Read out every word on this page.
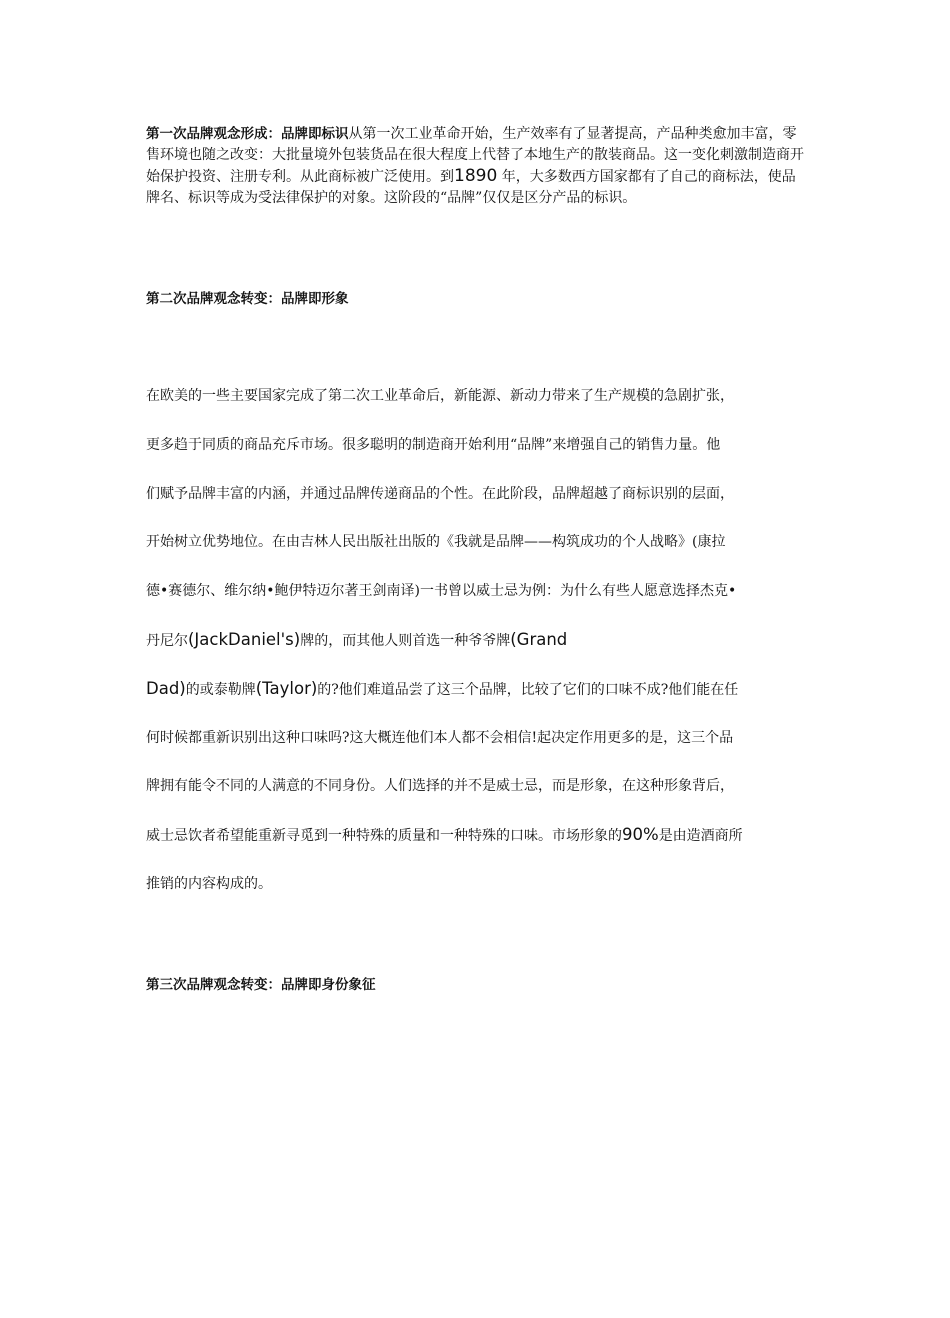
第一次品牌观念形成：品牌即标识从第一次工业革命开始，生产效率有了显著提高，产品种类愈加丰富，零售环境也随之改变：大批量境外包装货品在很大程度上代替了本地生产的散装商品。这一变化刺激制造商开始保护投资、注册专利。从此商标被广泛使用。到1890 年，大多数西方国家都有了自己的商标法，使品牌名、标识等成为受法律保护的对象。这阶段的“品牌”仅仅是区分产品的标识。

第二次品牌观念转变：品牌即形象
在欧美的一些主要国家完成了第二次工业革命后，新能源、新动力带来了生产规模的急剧扩张，
更多趋于同质的商品充斥市场。很多聪明的制造商开始利用“品牌”来增强自己的销售力量。他
们赋予品牌丰富的内涵，并通过品牌传递商品的个性。在此阶段，品牌超越了商标识别的层面，
开始树立优势地位。在由吉林人民出版社出版的《我就是品牌——构筑成功的个人战略》(康拉
德•赛德尔、维尔纳•鲍伊特迈尔著王剑南译)一书曾以威士忌为例：为什么有些人愿意选择杰克•
丹尼尔(JackDaniel's)牌的，而其他人则首选一种爷爷牌(Grand
Dad)的或泰勒牌(Taylor)的?他们难道品尝了这三个品牌，比较了它们的口味不成?他们能在任
何时候都重新识别出这种口味吗?这大概连他们本人都不会相信!起决定作用更多的是，这三个品
牌拥有能令不同的人满意的不同身份。人们选择的并不是威士忌，而是形象，在这种形象背后，
威士忌饮者希望能重新寻觅到一种特殊的质量和一种特殊的口味。市场形象的90%是由造酒商所
推销的内容构成的。
第三次品牌观念转变：品牌即身份象征
